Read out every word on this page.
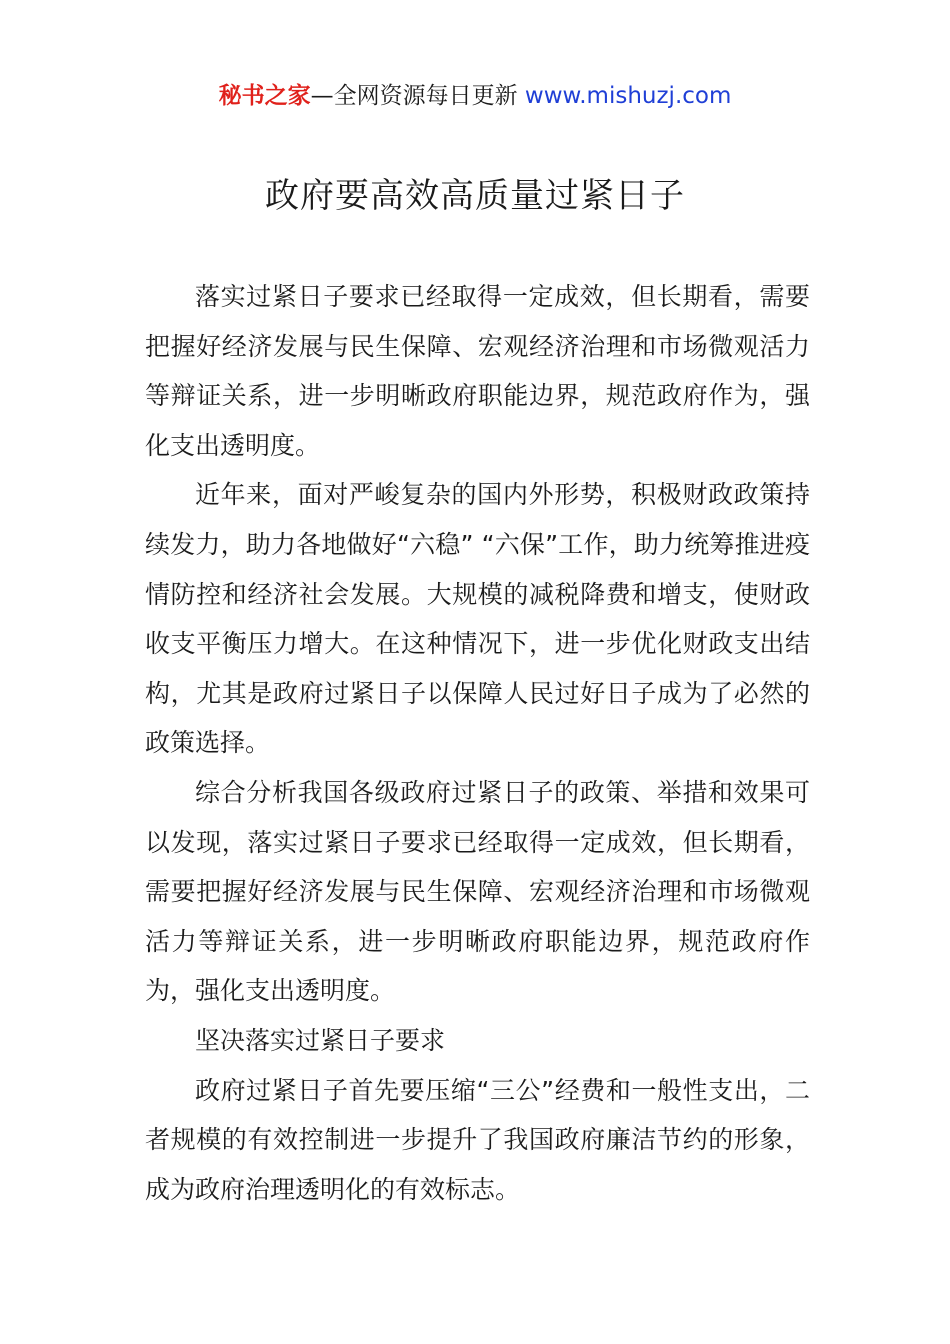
秘书之家—全网资源每日更新 www.mishuzj.com
政府要高效高质量过紧日子

落实过紧日子要求已经取得一定成效，但长期看，需要把握好经济发展与民生保障、宏观经济治理和市场微观活力等辩证关系，进一步明晰政府职能边界，规范政府作为，强化支出透明度。

近年来，面对严峻复杂的国内外形势，积极财政政策持续发力，助力各地做好“六稳” “六保”工作，助力统筹推进疫情防控和经济社会发展。大规模的减税降费和增支，使财政收支平衡压力增大。在这种情况下，进一步优化财政支出结构，尤其是政府过紧日子以保障人民过好日子成为了必然的政策选择。

综合分析我国各级政府过紧日子的政策、举措和效果可以发现，落实过紧日子要求已经取得一定成效，但长期看，需要把握好经济发展与民生保障、宏观经济治理和市场微观活力等辩证关系，进一步明晰政府职能边界，规范政府作为，强化支出透明度。

坚决落实过紧日子要求

政府过紧日子首先要压缩“三公”经费和一般性支出，二者规模的有效控制进一步提升了我国政府廉洁节约的形象，成为政府治理透明化的有效标志。
